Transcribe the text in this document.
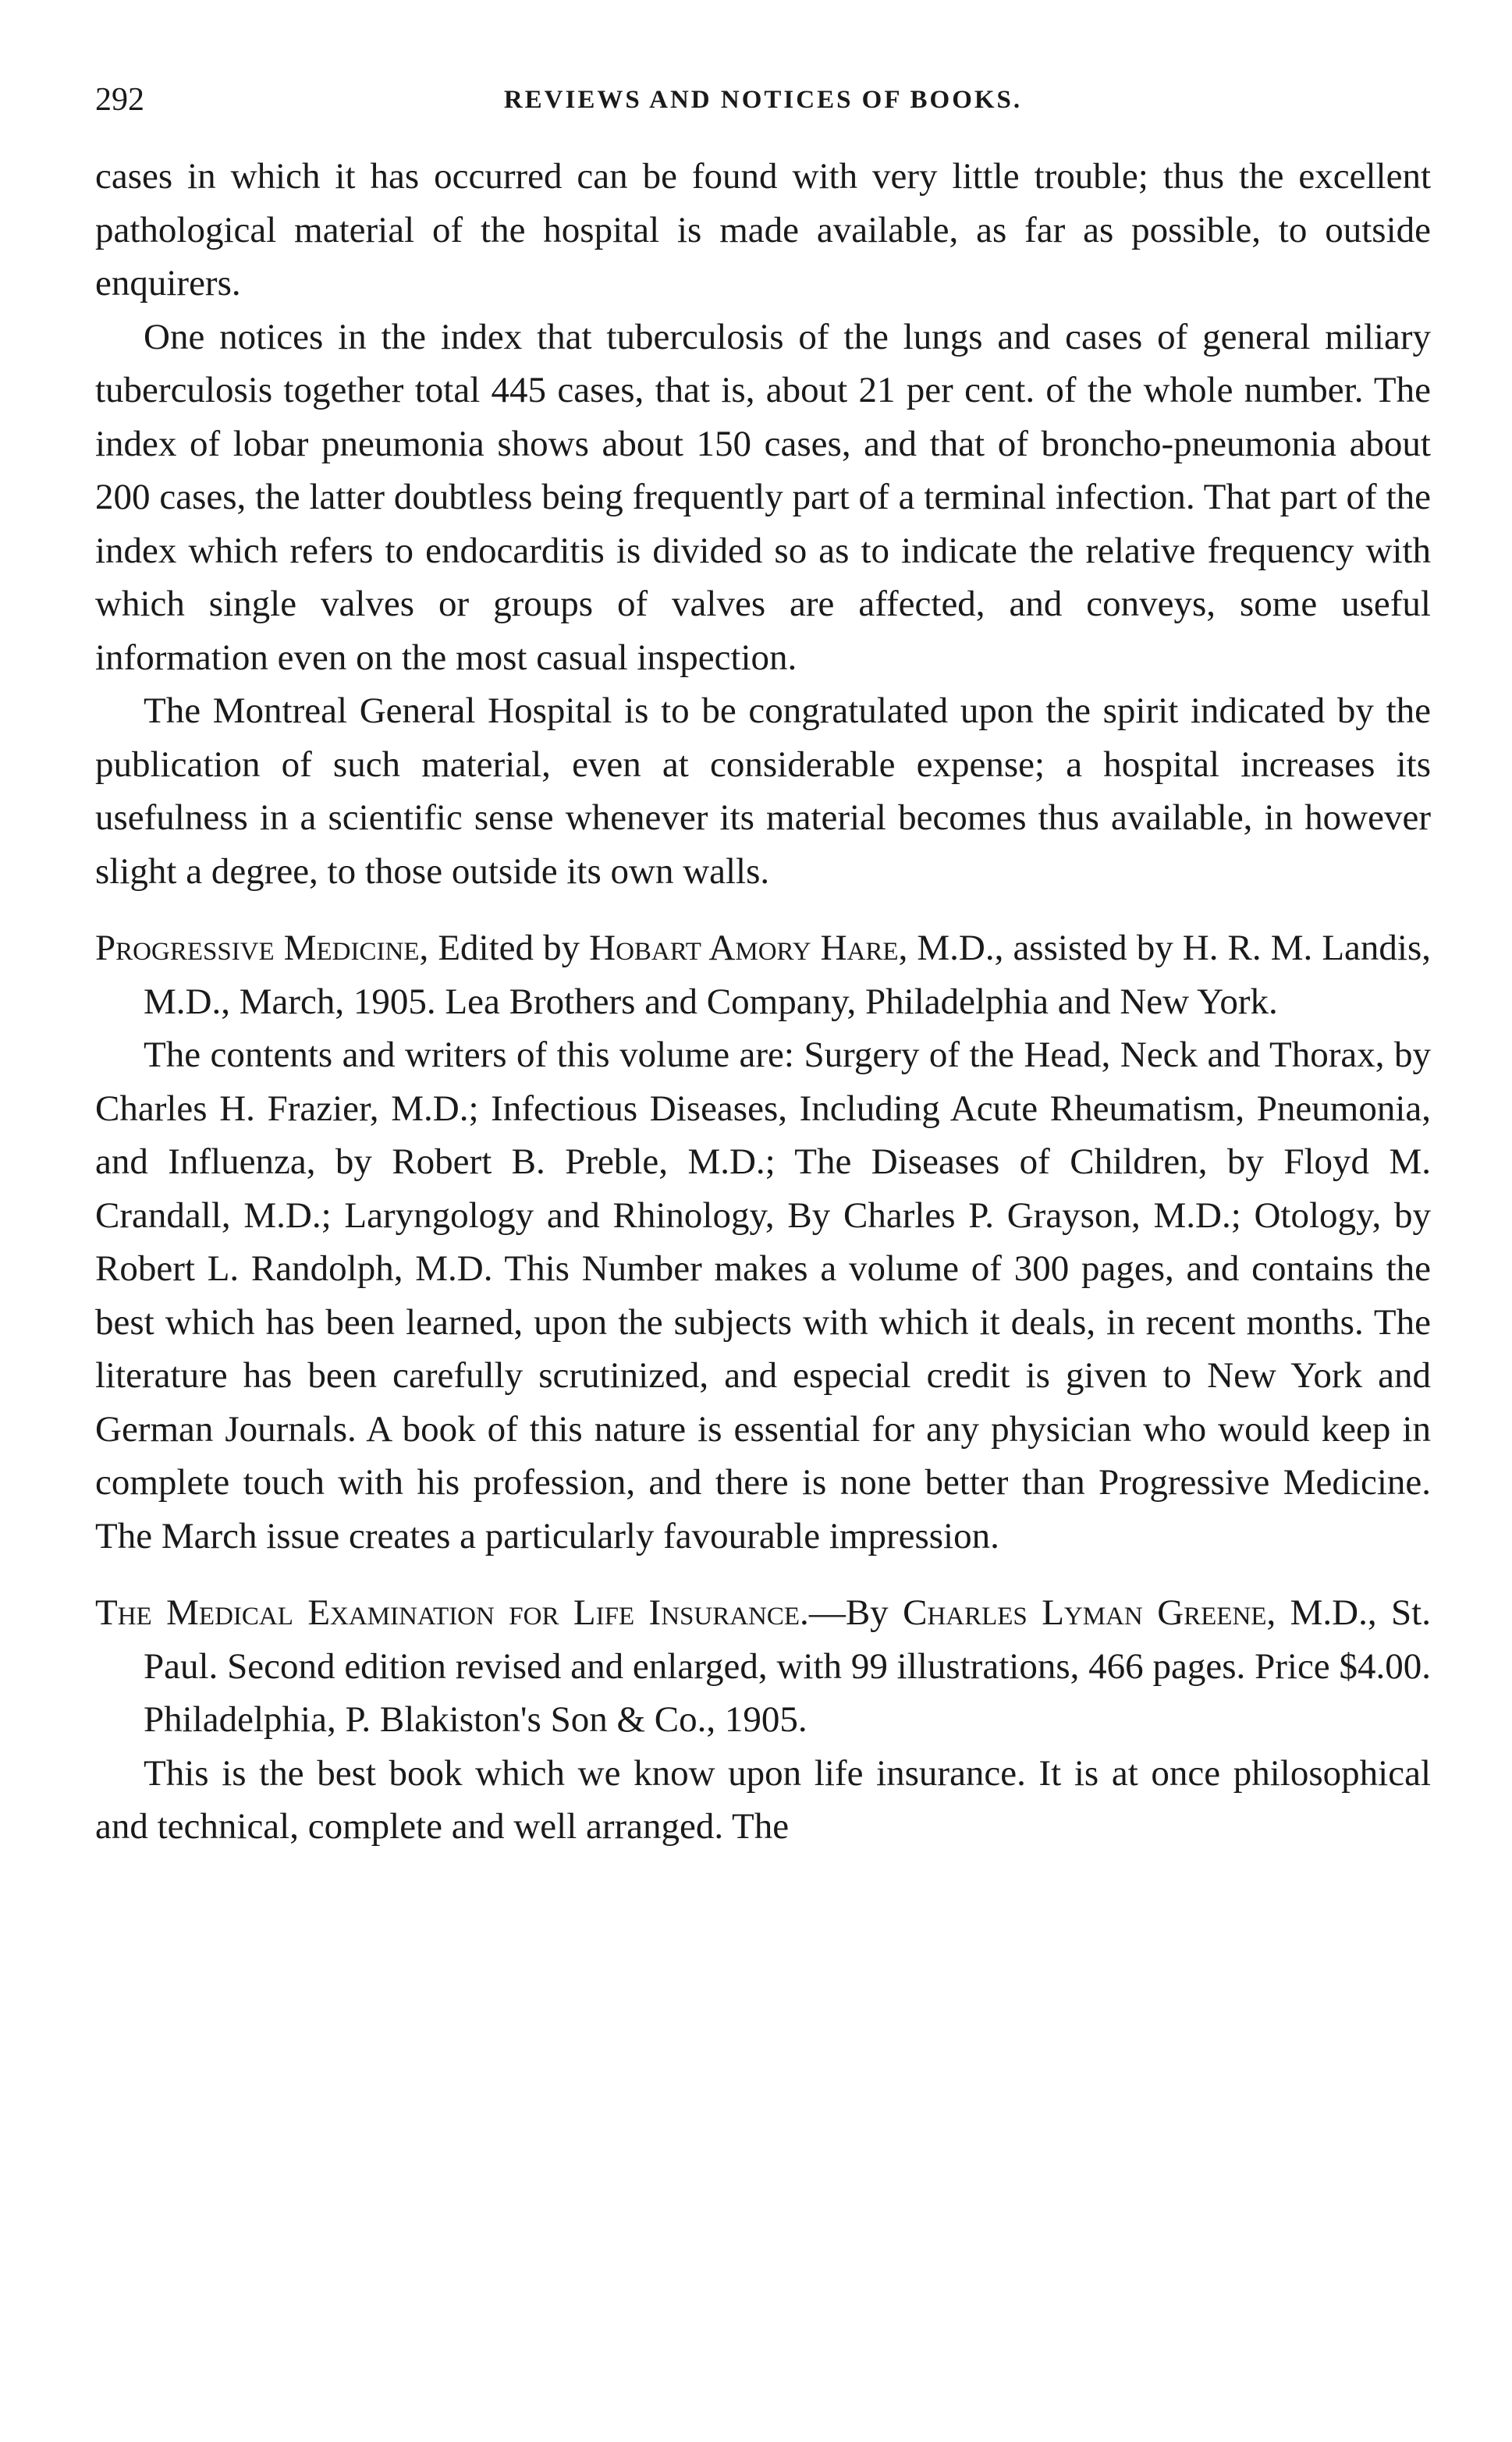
292	REVIEWS AND NOTICES OF BOOKS.

cases in which it has occurred can be found with very little trouble; thus the excellent pathological material of the hospital is made available, as far as possible, to outside enquirers.

One notices in the index that tuberculosis of the lungs and cases of general miliary tuberculosis together total 445 cases, that is, about 21 per cent. of the whole number. The index of lobar pneumonia shows about 150 cases, and that of broncho-pneumonia about 200 cases, the latter doubtless being frequently part of a terminal infection. That part of the index which refers to endocarditis is divided so as to indicate the relative frequency with which single valves or groups of valves are affected, and conveys, some useful information even on the most casual inspection.

The Montreal General Hospital is to be congratulated upon the spirit indicated by the publication of such material, even at considerable expense; a hospital increases its usefulness in a scientific sense whenever its material becomes thus available, in however slight a degree, to those outside its own walls.

Progressive Medicine, Edited by Hobart Amory Hare, M.D., assisted by H. R. M. Landis, M.D., March, 1905. Lea Brothers and Company, Philadelphia and New York.

The contents and writers of this volume are: Surgery of the Head, Neck and Thorax, by Charles H. Frazier, M.D.; Infectious Diseases, Including Acute Rheumatism, Pneumonia, and Influenza, by Robert B. Preble, M.D.; The Diseases of Children, by Floyd M. Crandall, M.D.; Laryngology and Rhinology, By Charles P. Grayson, M.D.; Otology, by Robert L. Randolph, M.D. This Number makes a volume of 300 pages, and contains the best which has been learned, upon the subjects with which it deals, in recent months. The literature has been carefully scrutinized, and especial credit is given to New York and German Journals. A book of this nature is essential for any physician who would keep in complete touch with his profession, and there is none better than Progressive Medicine. The March issue creates a particularly favourable impression.

The Medical Examination for Life Insurance.—By Charles Lyman Greene, M.D., St. Paul. Second edition revised and enlarged, with 99 illustrations, 466 pages. Price $4.00. Philadelphia, P. Blakiston's Son & Co., 1905.

This is the best book which we know upon life insurance. It is at once philosophical and technical, complete and well arranged. The
